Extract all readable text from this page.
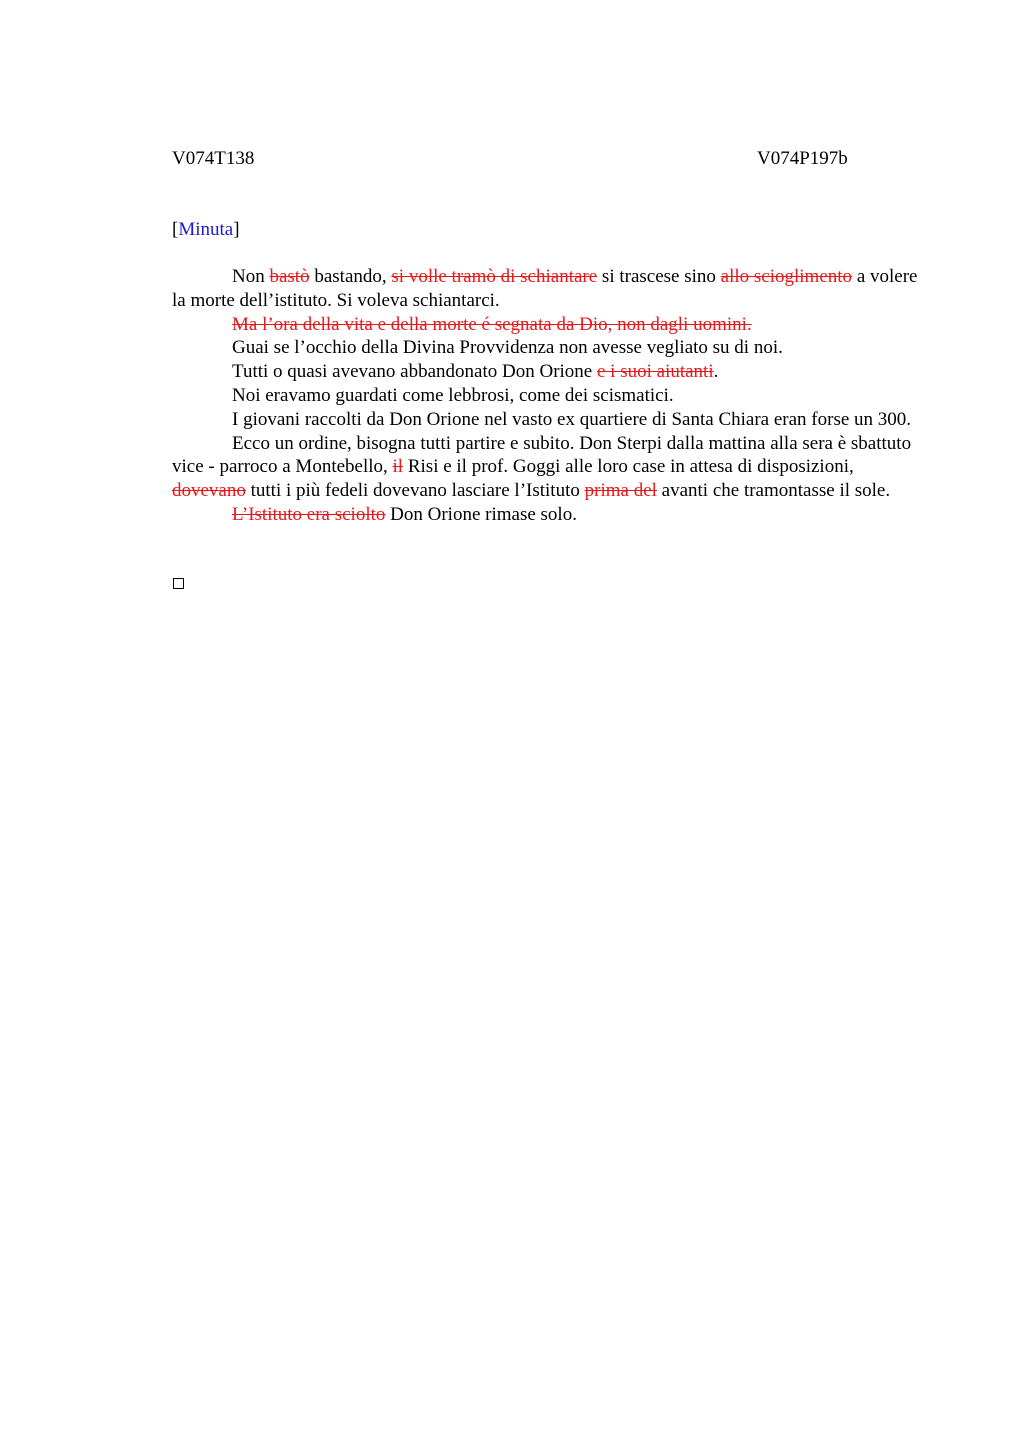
V074T138	V074P197b
[Minuta]

Non bastò bastando, si volle tramò di schiantare si trascese sino allo scioglimento a volere la morte dell’istituto. Si voleva schiantarci.

Ma l’ora della vita e della morte é segnata da Dio, non dagli uomini.

Guai se l’occhio della Divina Provvidenza non avesse vegliato su di noi.

Tutti o quasi avevano abbandonato Don Orione e i suoi aiutanti.

Noi eravamo guardati come lebbrosi, come dei scismatici.

I giovani raccolti da Don Orione nel vasto ex quartiere di Santa Chiara eran forse un 300.

Ecco un ordine, bisogna tutti partire e subito. Don Sterpi dalla mattina alla sera è sbattuto vice - parroco a Montebello, il Risi e il prof. Goggi alle loro case in attesa di disposizioni, dovevano tutti i più fedeli dovevano lasciare l’Istituto prima del avanti che tramontasse il sole.

L’Istituto era sciolto Don Orione rimase solo.
